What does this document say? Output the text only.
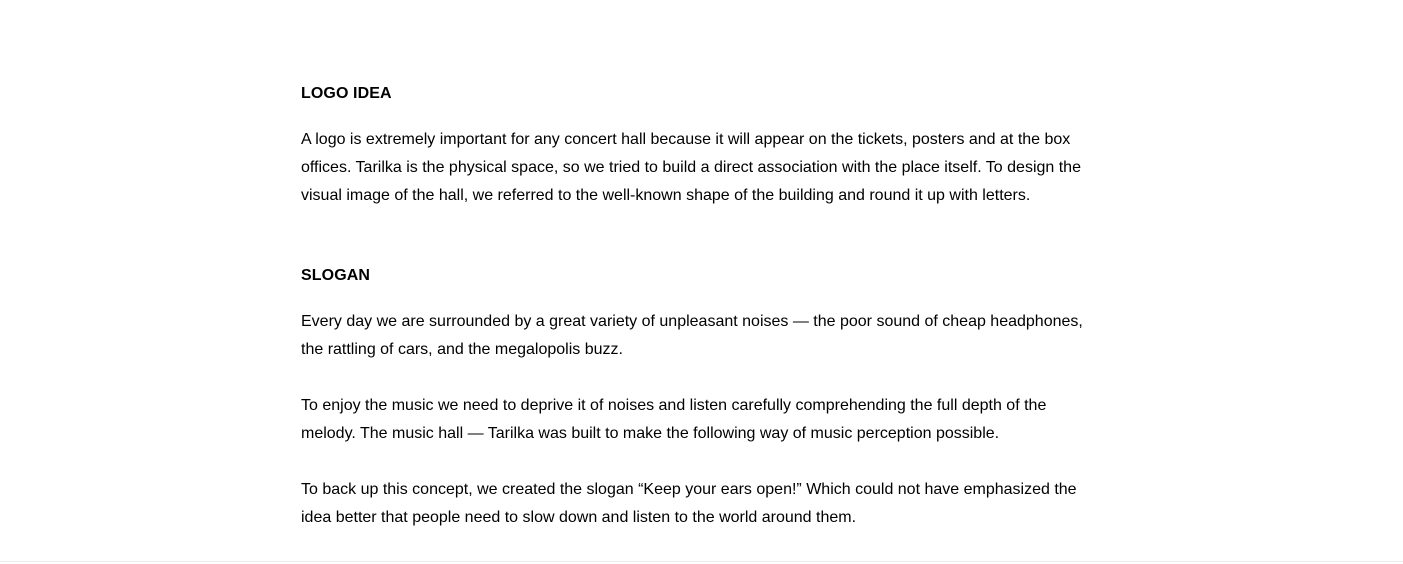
LOGO IDEA

A logo is extremely important for any concert hall because it will appear on the tickets, posters and at the box offices. Tarilka is the physical space, so we tried to build a direct association with the place itself. To design the visual image of the hall, we referred to the well-known shape of the building and round it up with letters.

SLOGAN

Every day we are surrounded by a great variety of unpleasant noises — the poor sound of cheap headphones, the rattling of cars, and the megalopolis buzz.

To enjoy the music we need to deprive it of noises and listen carefully comprehending the full depth of the melody. The music hall — Tarilka was built to make the following way of music perception possible.

To back up this concept, we created the slogan “Keep your ears open!” Which could not have emphasized the idea better that people need to slow down and listen to the world around them.
